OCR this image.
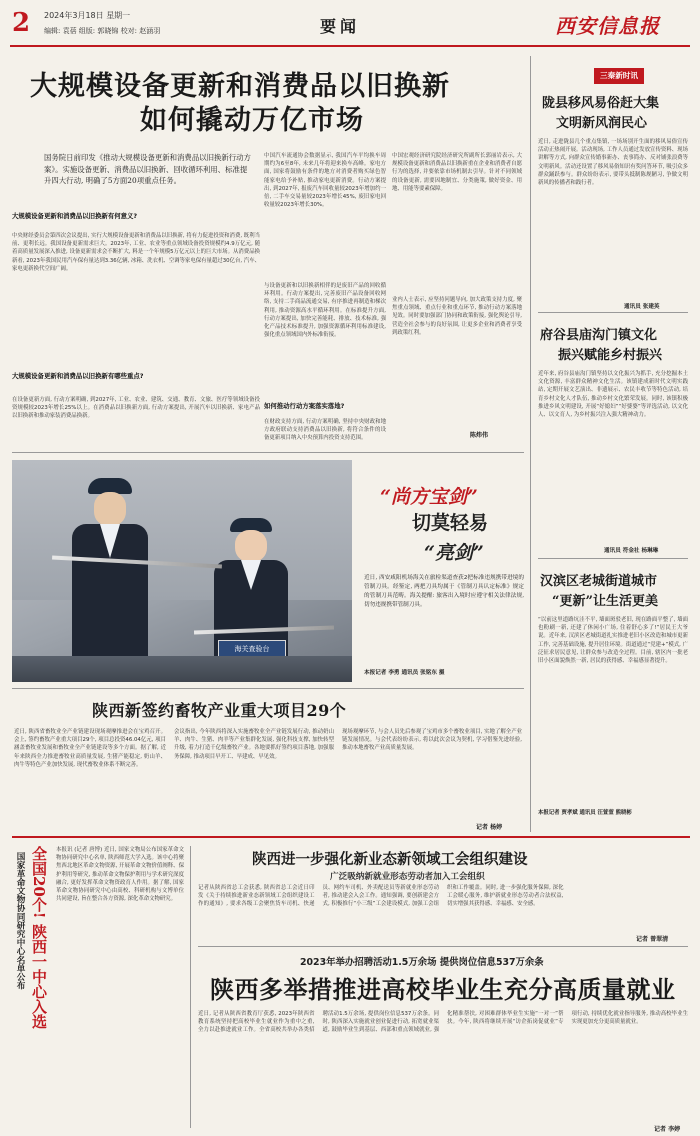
2 2024年3月18日 星期一
编辑: 袁蓓 组版: 郭晓锦 校对: 赵涵羽	要闻	西安信息报
大规模设备更新和消费品以旧换新
如何撬动万亿市场
国务院日前印发《推动大规模设备更新和消费品以旧换新行动方案》。实施设备更新、消费品以旧换新、回收循环利用、标准提升四大行动, 明确了5方面20项重点任务。
大规模设备更新和消费品以旧换新有何意义?
中央财经委员会第四次会议提出, 实行大规模设备更新和消费品以旧换新, 将有力促进投资和消费, 既利当前、更利长远。我国设备更新需求巨大。2023年, 工业、农业等重点领域设备投资规模约4.9万亿元, 随着高质量发展深入推进, 设备更新需求会不断扩大, 料是一个年规模5万亿元以上的巨大市场。从消费品换新看, 2023年我国民用汽车保有量达到3.36亿辆, 冰箱、洗衣机、空调等家电保有量超过30亿台, 汽车、家电更新换代空间广阔。
大规模设备更新和消费品以旧换新有哪些重点?
在设备更新方面, 行动方案明确, 到2027年, 工业、农业、建筑、交通、教育、文旅、医疗等领域设备投资规模较2023年增长25%以上。在消费品以旧换新方面, 行动方案提出, 开展汽车以旧换新、家电产品以旧换新和推动家装消费品换新。
中国汽车流通协会数据显示, 我国汽车平均换车周期约为6至8年, 未来几年将迎来换车高峰。家电方面, 国家将鼓励有条件的地方对消费者购买绿色智能家电给予补贴, 推动家电更新消费。行动方案提出, 到2027年, 报废汽车回收量较2023年增加约一倍, 二手车交易量较2023年增长45%, 废旧家电回收量较2023年增长30%。
与设备更新和以旧换新相伴的是废旧产品的回收循环利用。行动方案提出, 完善废旧产品设备回收网络, 支持二手商品流通交易, 有序推进再制造和梯次利用, 推动资源高水平循环利用。在标准提升方面, 行动方案提出, 加快完善能耗、排放、技术标准, 强化产品技术标准提升, 加强资源循环利用标准建设, 强化重点领域国内外标准衔接。
如何推动行动方案落实落地?
在财政支持方面, 行动方案明确, 坚持中央财政和地方政府联动支持消费品以旧换新, 将符合条件的设备更新项目纳入中央预算内投资支持范围。
中国宏观经济研究院经济研究所副所长郭丽岩表示, 大规模设备更新和消费品以旧换新重在企业和消费者自愿行为的选择, 并要依靠市场机制去引导。针对不同领域的设备更新, 需要因地制宜、分类施策, 做好资金、用地、用能等要素保障。
业内人士表示, 应坚持问题导向, 加大政策支持力度, 聚焦重点领域、重点行业和重点环节, 推动行动方案落地见效。同时要加强部门协同和政策衔接, 强化舆论引导, 营造全社会参与的良好氛围, 让更多企业和消费者享受到政策红利。
陈炜伟
海关查验台
“尚方宝剑”
切莫轻易
“亮剑”
近日, 西安咸阳机场海关在旅检渠道查获2把标准违规携带进境的管制刀具。经鉴定, 两把刀具均属于《管制刀具认定标准》规定的管制刀具范畴。海关提醒: 旅客出入境时应遵守相关法律法规, 切勿违规携带管制刀具。
本报记者 李勇 通讯员 张铭东 摄
陕西新签约畜牧产业重大项目29个
近日, 陕西省畜牧业全产业链建设现场观摩推进会在宝鸡召开。会上, 签约畜牧产业重大项目29个, 项目总投资46.04亿元, 项目涵盖畜牧业发展和畜牧业全产业链建设等多个方面。据了解, 近年来陕西全力推进畜牧业高质量发展, 生猪产能稳定, 奶山羊、肉牛等特色产业加快发展, 现代畜牧业体系不断完善。
会议指出, 今年陕西将深入实施畜牧业全产业链发展行动, 推动奶山羊、肉牛、生猪、肉羊等产业集群化发展, 强化科技支撑, 加快转型升级, 着力打造千亿级畜牧产业。各地要抓好签约项目落地, 加强服务保障, 推动项目早开工、早建成、早见效。
现场观摩环节, 与会人员先后参观了宝鸡市多个畜牧业项目, 实地了解全产业链发展情况。与会代表纷纷表示, 将以此次会议为契机, 学习借鉴先进经验, 推动本地畜牧产业高质量发展。
记者 杨婷
全国20个! 陕西一中心入选
国家革命文物协同研究中心名单公布
本报讯 (记者 唐博) 近日, 国家文物局公布国家革命文物协同研究中心名单, 陕西师范大学入选。该中心将聚焦西北地区革命文物资源, 开展革命文物价值阐释、保护利用等研究, 推动革命文物保护利用与学术研究深度融合, 更好发挥革命文物资政育人作用。据了解, 国家革命文物协同研究中心由高校、科研机构与文博单位共同建设, 旨在整合各方资源, 深化革命文物研究。
陕西进一步强化新业态新领域工会组织建设
广泛吸纳新就业形态劳动者加入工会组织
记者从陕西省总工会获悉, 陕西省总工会近日印发《关于持续推进新业态新领域工会组织建设工作的通知》, 要求各级工会聚焦货车司机、快递员、网约车司机、外卖配送员等新就业形态劳动者, 推动建会入会工作。通知强调, 要创新建会方式, 积极推行“小三级”工会建设模式, 加强工会组织和工作覆盖。同时, 进一步强化服务保障, 深化工会暖心服务, 维护新就业形态劳动者合法权益, 切实增强其获得感、幸福感、安全感。
记者 曾翠清
2023年举办招聘活动1.5万余场 提供岗位信息537万余条
陕西多举措推进高校毕业生充分高质量就业
近日, 记者从陕西省教育厅获悉, 2023年陕西省教育系统坚持把高校毕业生就业作为重中之重, 全力以赴推进就业工作。全省高校共举办各类招聘活动1.5万余场, 提供岗位信息537万余条。同时, 陕西深入实施就业创业促进行动, 拓宽就业渠道, 鼓励毕业生到基层、西部和重点领域就业, 强化精准帮扶, 对困难群体毕业生实施“一对一”帮扶。今年, 陕西将继续开展“访企拓岗促就业”专项行动, 持续优化就业指导服务, 推动高校毕业生实现更加充分更高质量就业。
记者 李婷
三秦新时讯
陇县移风易俗赶大集
文明新风润民心
近日, 走进陇县几个重点集镇, 一场场别开生面的移风易俗宣传活动正热闹开展。活动现场, 工作人员通过发放宣传资料、现场讲解等方式, 向群众宣传婚事新办、丧事简办、反对铺张浪费等文明新风。活动还设置了移风易俗知识有奖问答环节, 吸引众多群众踊跃参与。群众纷纷表示, 要带头抵制陈规陋习, 争做文明新风的传播者和践行者。
通讯员 张建英
府谷县庙沟门镇文化
振兴赋能乡村振兴
近年来, 府谷县庙沟门镇坚持以文化振兴为抓手, 充分挖掘本土文化资源, 丰富群众精神文化生活。该镇建成新时代文明实践站, 定期开展文艺演出、非遗展示、农民丰收节等特色活动, 培育乡村文化人才队伍, 推动乡村文化繁荣发展。同时, 该镇积极推进乡风文明建设, 开展“好媳妇”“好婆婆”等评选活动, 以文化人、以文育人, 为乡村振兴注入强大精神动力。
通讯员 符金社 杨琳琳
汉滨区老城街道城市
“更新”让生活更美
“以前这里道路坑洼不平, 墙面斑驳老旧, 现在路面平整了, 墙面也粉刷一新, 还建了休闲小广场, 住着舒心多了!”居民王大爷说。近年来, 汉滨区老城街道扎实推进老旧小区改造和城市更新工作, 完善基础设施, 提升居住环境。街道通过“党建+”模式, 广泛征求居民意见, 让群众参与改造全过程。目前, 辖区内一批老旧小区面貌焕然一新, 居民的获得感、幸福感显著提升。
本报记者 贾孝斌 通讯员 汪萱萱 熊晓彬
